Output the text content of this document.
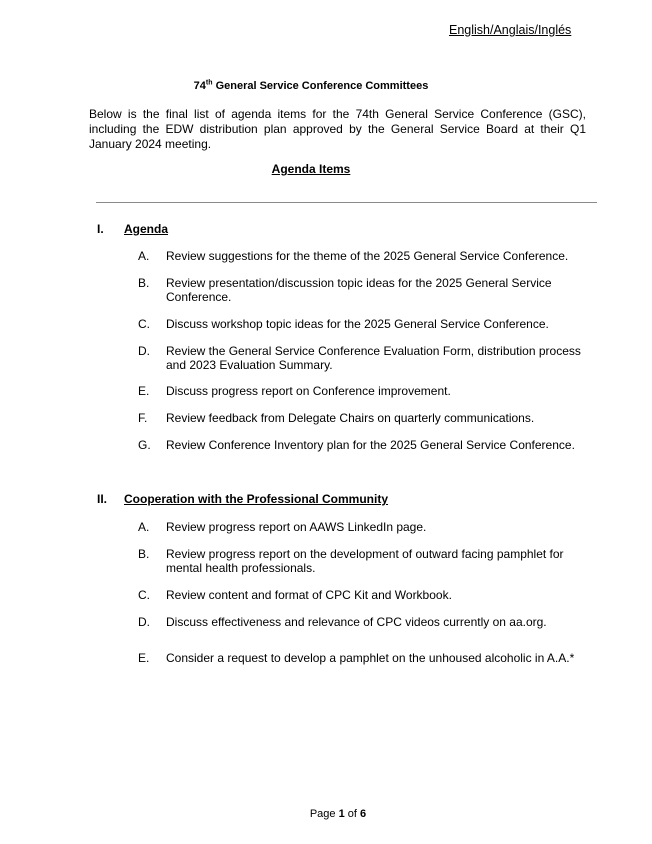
English/Anglais/Inglés
74th General Service Conference Committees
Below is the final list of agenda items for the 74th General Service Conference (GSC), including the EDW distribution plan approved by the General Service Board at their Q1 January 2024 meeting.
Agenda Items
I. Agenda
A. Review suggestions for the theme of the 2025 General Service Conference.
B. Review presentation/discussion topic ideas for the 2025 General Service Conference.
C. Discuss workshop topic ideas for the 2025 General Service Conference.
D. Review the General Service Conference Evaluation Form, distribution process and 2023 Evaluation Summary.
E. Discuss progress report on Conference improvement.
F. Review feedback from Delegate Chairs on quarterly communications.
G. Review Conference Inventory plan for the 2025 General Service Conference.
II. Cooperation with the Professional Community
A. Review progress report on AAWS LinkedIn page.
B. Review progress report on the development of outward facing pamphlet for mental health professionals.
C. Review content and format of CPC Kit and Workbook.
D. Discuss effectiveness and relevance of CPC videos currently on aa.org.
E. Consider a request to develop a pamphlet on the unhoused alcoholic in A.A.*
Page 1 of 6
